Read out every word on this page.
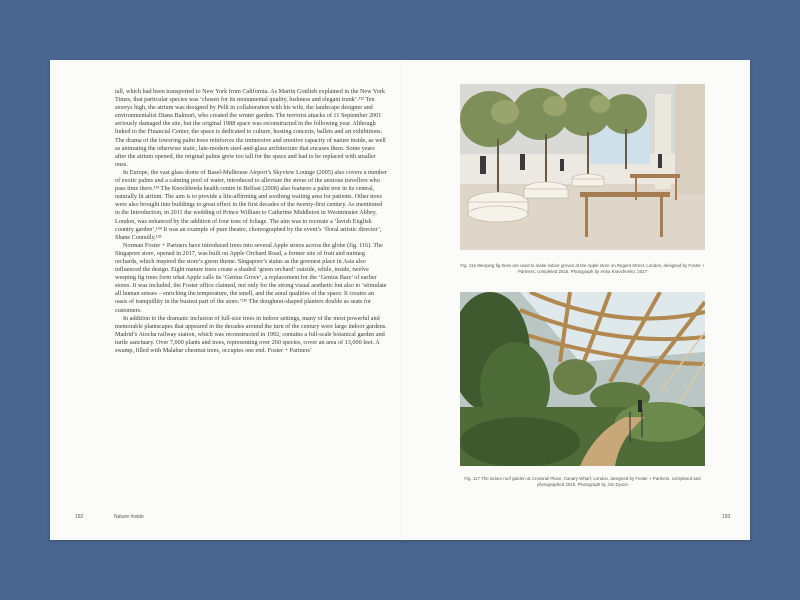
tall, which had been transported to New York from California. As Martin Gottlieb explained in the New York Times, that particular species was ‘chosen for its monumental quality, lushness and elegant trunk’.¹³² Ten storeys high, the atrium was designed by Pelli in collaboration with his wife, the landscape designer and environmentalist Diana Balmori, who created the winter garden. The terrorist attacks of 11 September 2001 seriously damaged the site, but the original 1988 space was reconstructed in the following year. Although linked to the Financial Center, the space is dedicated to culture, hosting concerts, ballets and art exhibitions. The drama of the towering palm trees reinforces the immersive and emotive capacity of nature inside, as well as animating the otherwise static, late-modern steel-and-glass architecture that encases them. Some years after the atrium opened, the original palms grew too tall for the space and had to be replaced with smaller ones.

In Europe, the vast glass dome of Basel-Mulhouse Airport’s Skyview Lounge (2005) also covers a number of exotic palms and a calming pool of water, introduced to alleviate the stress of the anxious travellers who pass time there.¹³³ The Knockbreda health centre in Belfast (2008) also features a palm tree in its central, naturally lit atrium. The aim is to provide a life-affirming and soothing waiting area for patients. Other trees were also brought into buildings to great effect in the first decades of the twenty-first century. As mentioned in the Introduction, in 2011 the wedding of Prince William to Catherine Middleton in Westminster Abbey, London, was enhanced by the addition of four tons of foliage. The aim was to recreate a ‘lavish English country garden’,¹³⁴ It was an example of pure theatre, choreographed by the event’s ‘floral artistic director’, Shane Connolly.¹³⁵

Norman Foster + Partners have introduced trees into several Apple stores across the globe (fig. 116). The Singapore store, opened in 2017, was built on Apple Orchard Road, a former site of fruit and nutmeg orchards, which inspired the store’s green theme. Singapore’s status as the greenest place in Asia also influenced the design. Eight mature trees create a shaded ‘green orchard’ outside, while, inside, twelve weeping fig trees form what Apple calls its ‘Genius Grove’, a replacement for the ‘Genius Bars’ of earlier stores. It was included, the Foster office claimed, not only for the strong visual aesthetic but also to ‘stimulate all human senses – enriching the temperature, the smell, and the aural qualities of the space. It creates an oasis of tranquillity in the busiest part of the store.’¹³⁶ The doughnut-shaped planters double as seats for customers.

In addition to the dramatic inclusion of full-size trees in indoor settings, many of the most powerful and memorable plantscapes that appeared in the decades around the turn of the century were large indoor gardens. Madrid’s Atocha railway station, which was reconstructed in 1992, contains a full-scale botanical garden and turtle sanctuary. Over 7,000 plants and trees, representing over 260 species, cover an area of 13,000 feet. A swamp, filled with Malabar chestnut trees, occupies one end. Foster + Partners’

192	Nature Inside	193

Fig. 116 Weeping fig trees are used to make indoor groves at the Apple store on Regent Street, London, designed by Foster + Partners, completed 2016. Photograph by Anna Kravchenko, 2017

Fig. 117 The indoor roof garden at Crossrail Place, Canary Wharf, London, designed by Foster + Partners, completed and photographed 2015. Photograph by Jim Dyson
